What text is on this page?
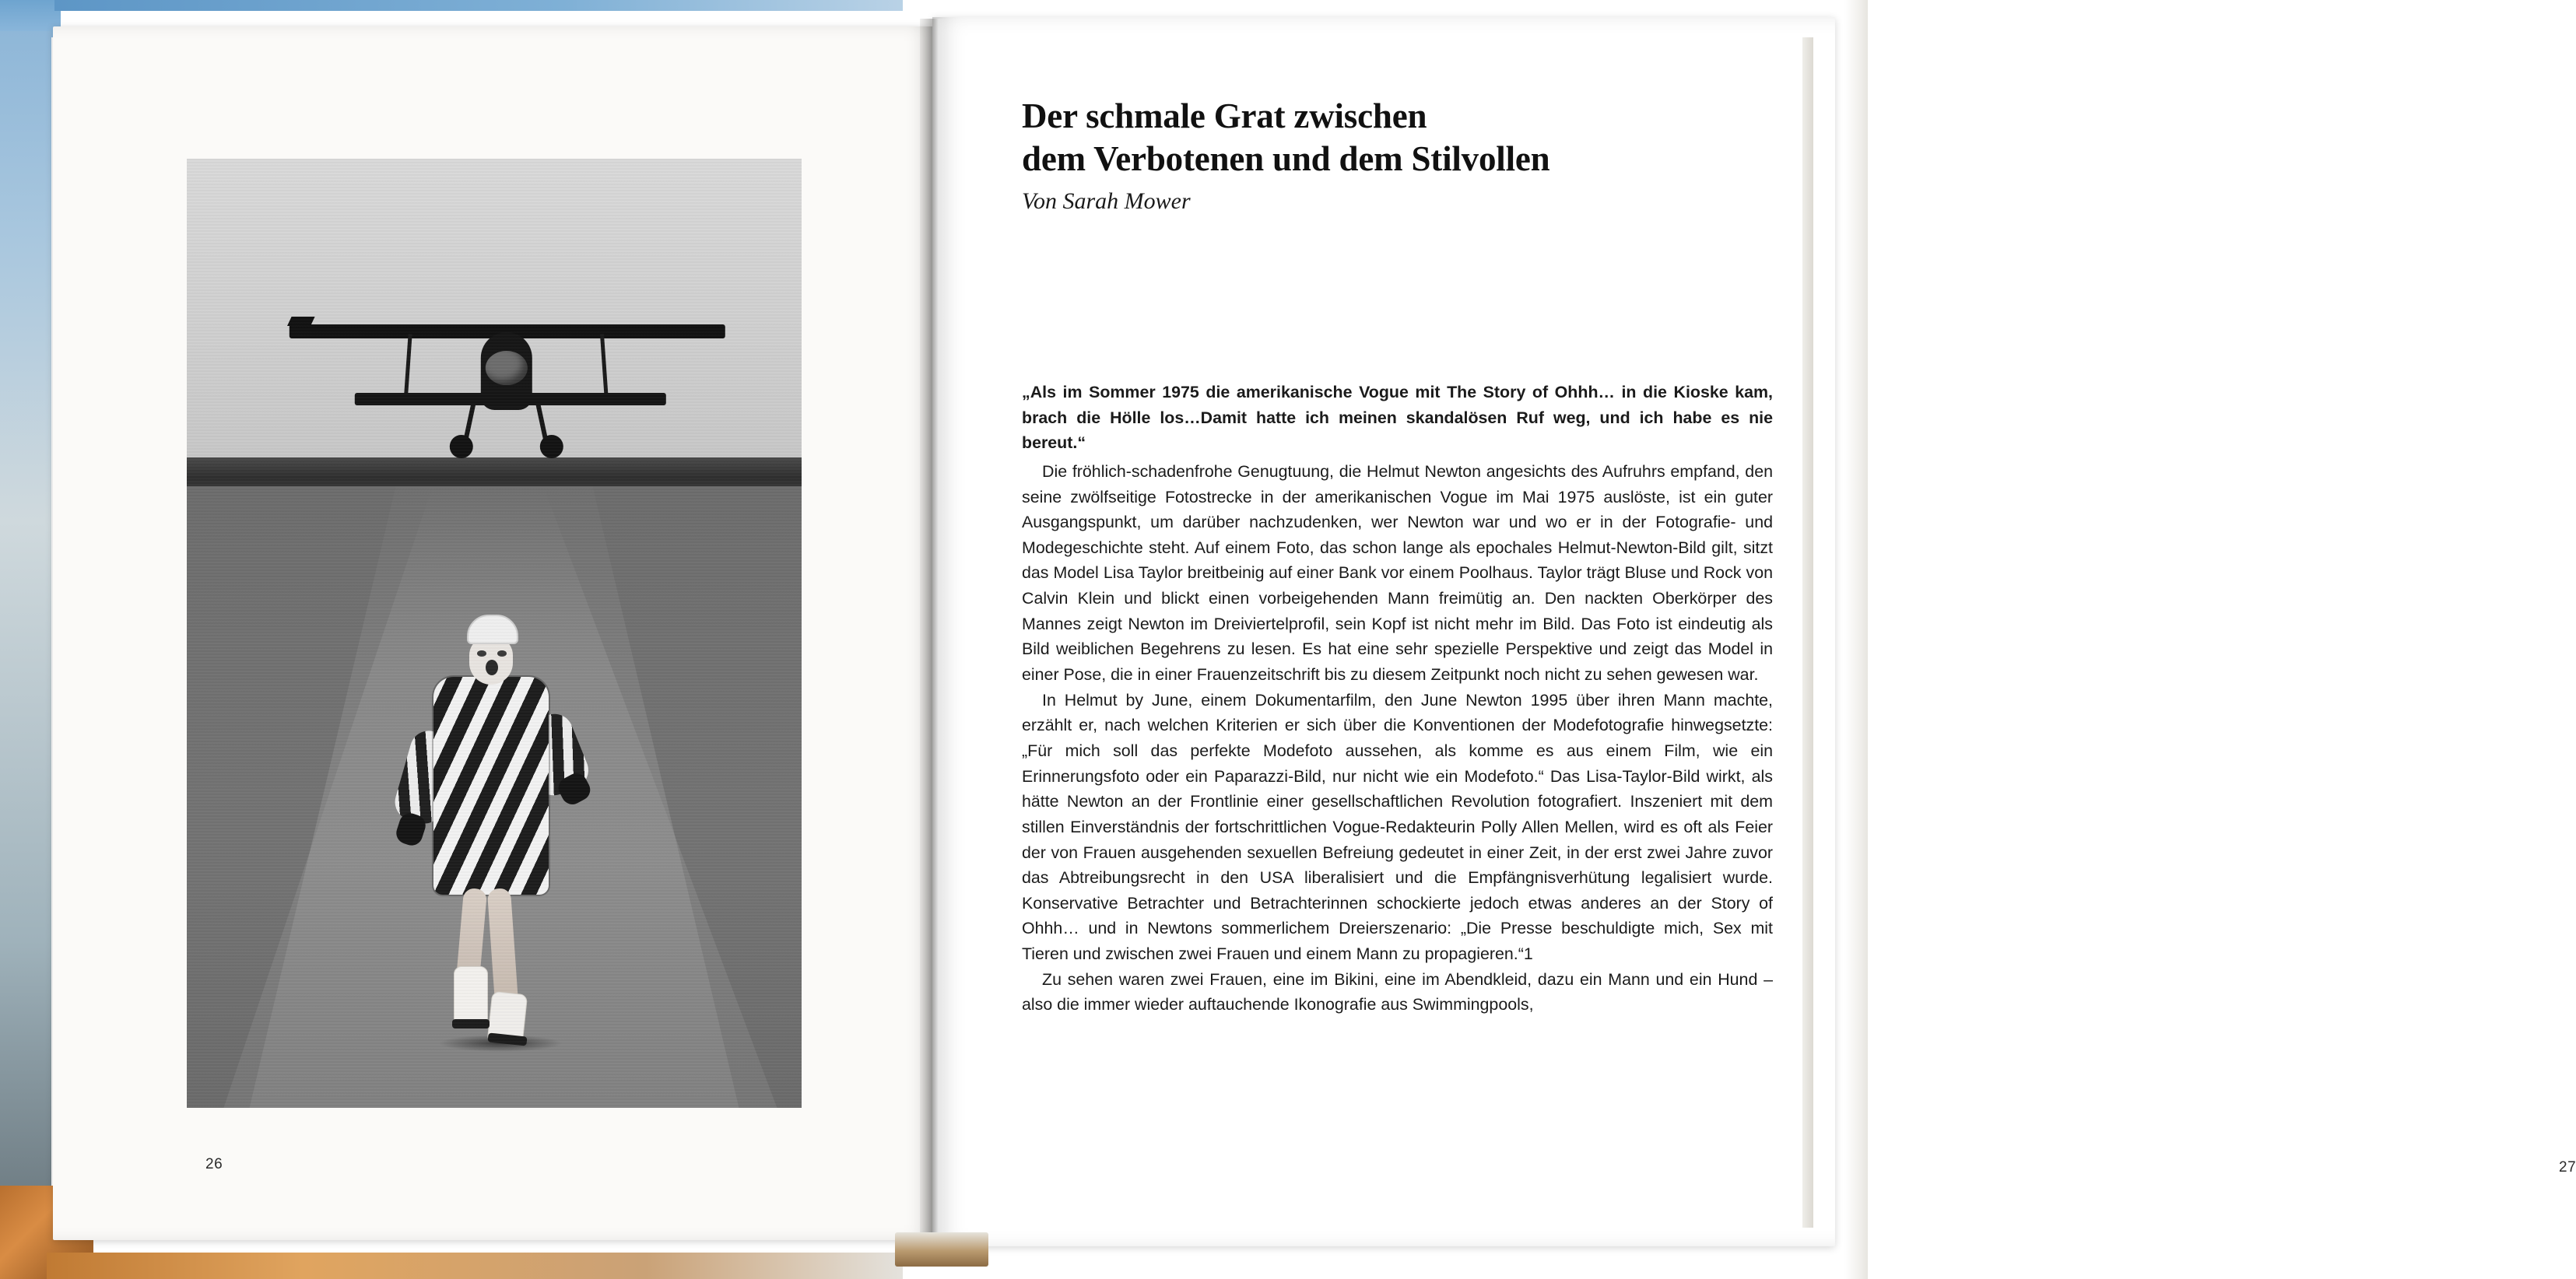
26
Der schmale Grat zwischen
dem Verbotenen und dem Stilvollen

Von Sarah Mower

„Als im Sommer 1975 die amerikanische Vogue mit The Story of Ohhh… in die Kioske kam, brach die Hölle los…Damit hatte ich meinen skandalösen Ruf weg, und ich habe es nie bereut.“

Die fröhlich-schadenfrohe Genugtuung, die Helmut Newton angesichts des Aufruhrs empfand, den seine zwölfseitige Fotostrecke in der amerikanischen Vogue im Mai 1975 auslöste, ist ein guter Ausgangspunkt, um darüber nachzudenken, wer Newton war und wo er in der Fotografie- und Modegeschichte steht. Auf einem Foto, das schon lange als epochales Helmut-Newton-Bild gilt, sitzt das Model Lisa Taylor breitbeinig auf einer Bank vor einem Poolhaus. Taylor trägt Bluse und Rock von Calvin Klein und blickt einen vorbeigehenden Mann freimütig an. Den nackten Oberkörper des Mannes zeigt Newton im Dreiviertelprofil, sein Kopf ist nicht mehr im Bild. Das Foto ist eindeutig als Bild weiblichen Begehrens zu lesen. Es hat eine sehr spezielle Perspektive und zeigt das Model in einer Pose, die in einer Frauenzeitschrift bis zu diesem Zeitpunkt noch nicht zu sehen gewesen war.

In Helmut by June, einem Dokumentarfilm, den June Newton 1995 über ihren Mann machte, erzählt er, nach welchen Kriterien er sich über die Konventionen der Modefotografie hinwegsetzte: „Für mich soll das perfekte Modefoto aussehen, als komme es aus einem Film, wie ein Erinnerungsfoto oder ein Paparazzi-Bild, nur nicht wie ein Modefoto.“ Das Lisa-Taylor-Bild wirkt, als hätte Newton an der Frontlinie einer gesellschaftlichen Revolution fotografiert. Inszeniert mit dem stillen Einverständnis der fortschrittlichen Vogue-Redakteurin Polly Allen Mellen, wird es oft als Feier der von Frauen ausgehenden sexuellen Befreiung gedeutet in einer Zeit, in der erst zwei Jahre zuvor das Abtreibungsrecht in den USA liberalisiert und die Empfängnisverhütung legalisiert wurde. Konservative Betrachter und Betrachterinnen schockierte jedoch etwas anderes an der Story of Ohhh… und in Newtons sommerlichem Dreierszenario: „Die Presse beschuldigte mich, Sex mit Tieren und zwischen zwei Frauen und einem Mann zu propagieren.“1

Zu sehen waren zwei Frauen, eine im Bikini, eine im Abendkleid, dazu ein Mann und ein Hund – also die immer wieder auftauchende Ikonografie aus Swimmingpools,

27
